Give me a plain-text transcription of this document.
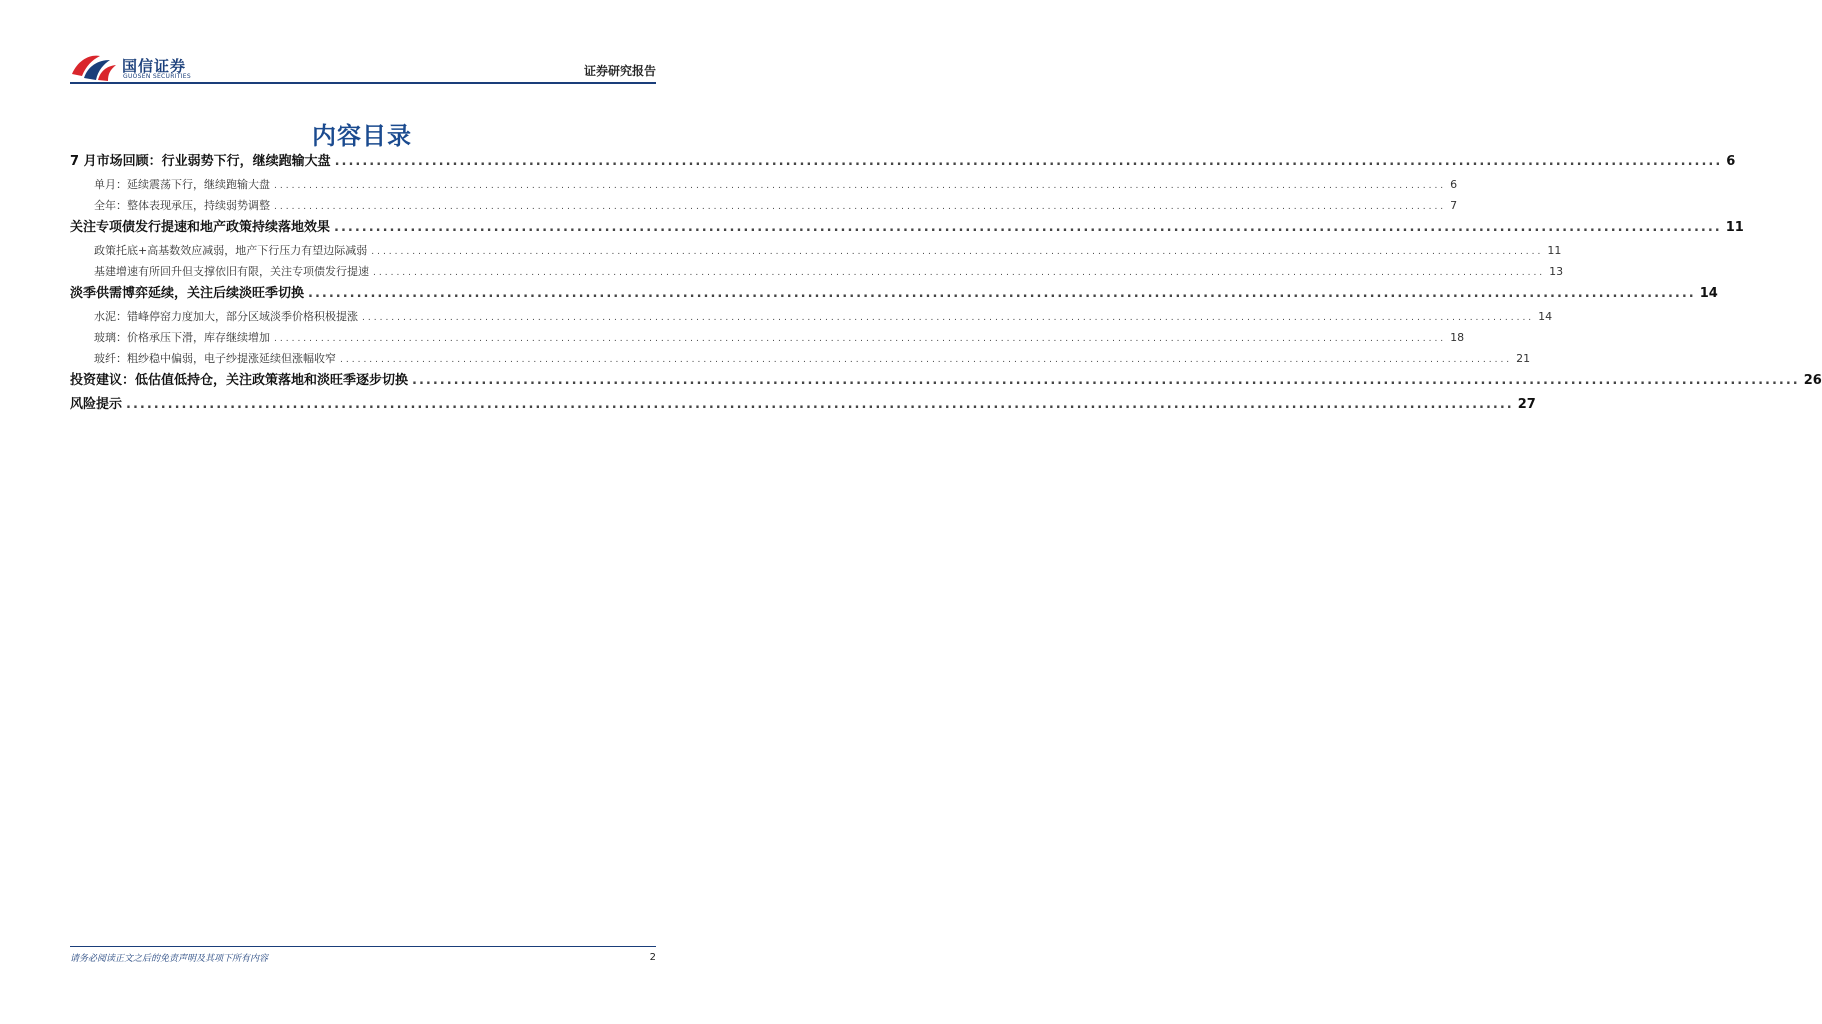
国信证券
GUOSEN SECURITIES	证券研究报告
内容目录
7 月市场回顾：行业弱势下行，继续跑输大盘 ........................................................................................................................................................................................................ 6
单月：延续震荡下行，继续跑输大盘 ........................................................................................................................................................................................................ 6
全年：整体表现承压，持续弱势调整 ........................................................................................................................................................................................................ 7
关注专项债发行提速和地产政策持续落地效果 ........................................................................................................................................................................................................ 11
政策托底+高基数效应减弱，地产下行压力有望边际减弱 ........................................................................................................................................................................................................ 11
基建增速有所回升但支撑依旧有限，关注专项债发行提速 ........................................................................................................................................................................................................ 13
淡季供需博弈延续，关注后续淡旺季切换 ........................................................................................................................................................................................................ 14
水泥：错峰停窑力度加大，部分区域淡季价格积极提涨 ........................................................................................................................................................................................................ 14
玻璃：价格承压下滑，库存继续增加 ........................................................................................................................................................................................................ 18
玻纤：粗纱稳中偏弱，电子纱提涨延续但涨幅收窄 ........................................................................................................................................................................................................ 21
投资建议：低估值低持仓，关注政策落地和淡旺季逐步切换 ........................................................................................................................................................................................................ 26
风险提示 ........................................................................................................................................................................................................ 27
请务必阅读正文之后的免责声明及其项下所有内容	2
